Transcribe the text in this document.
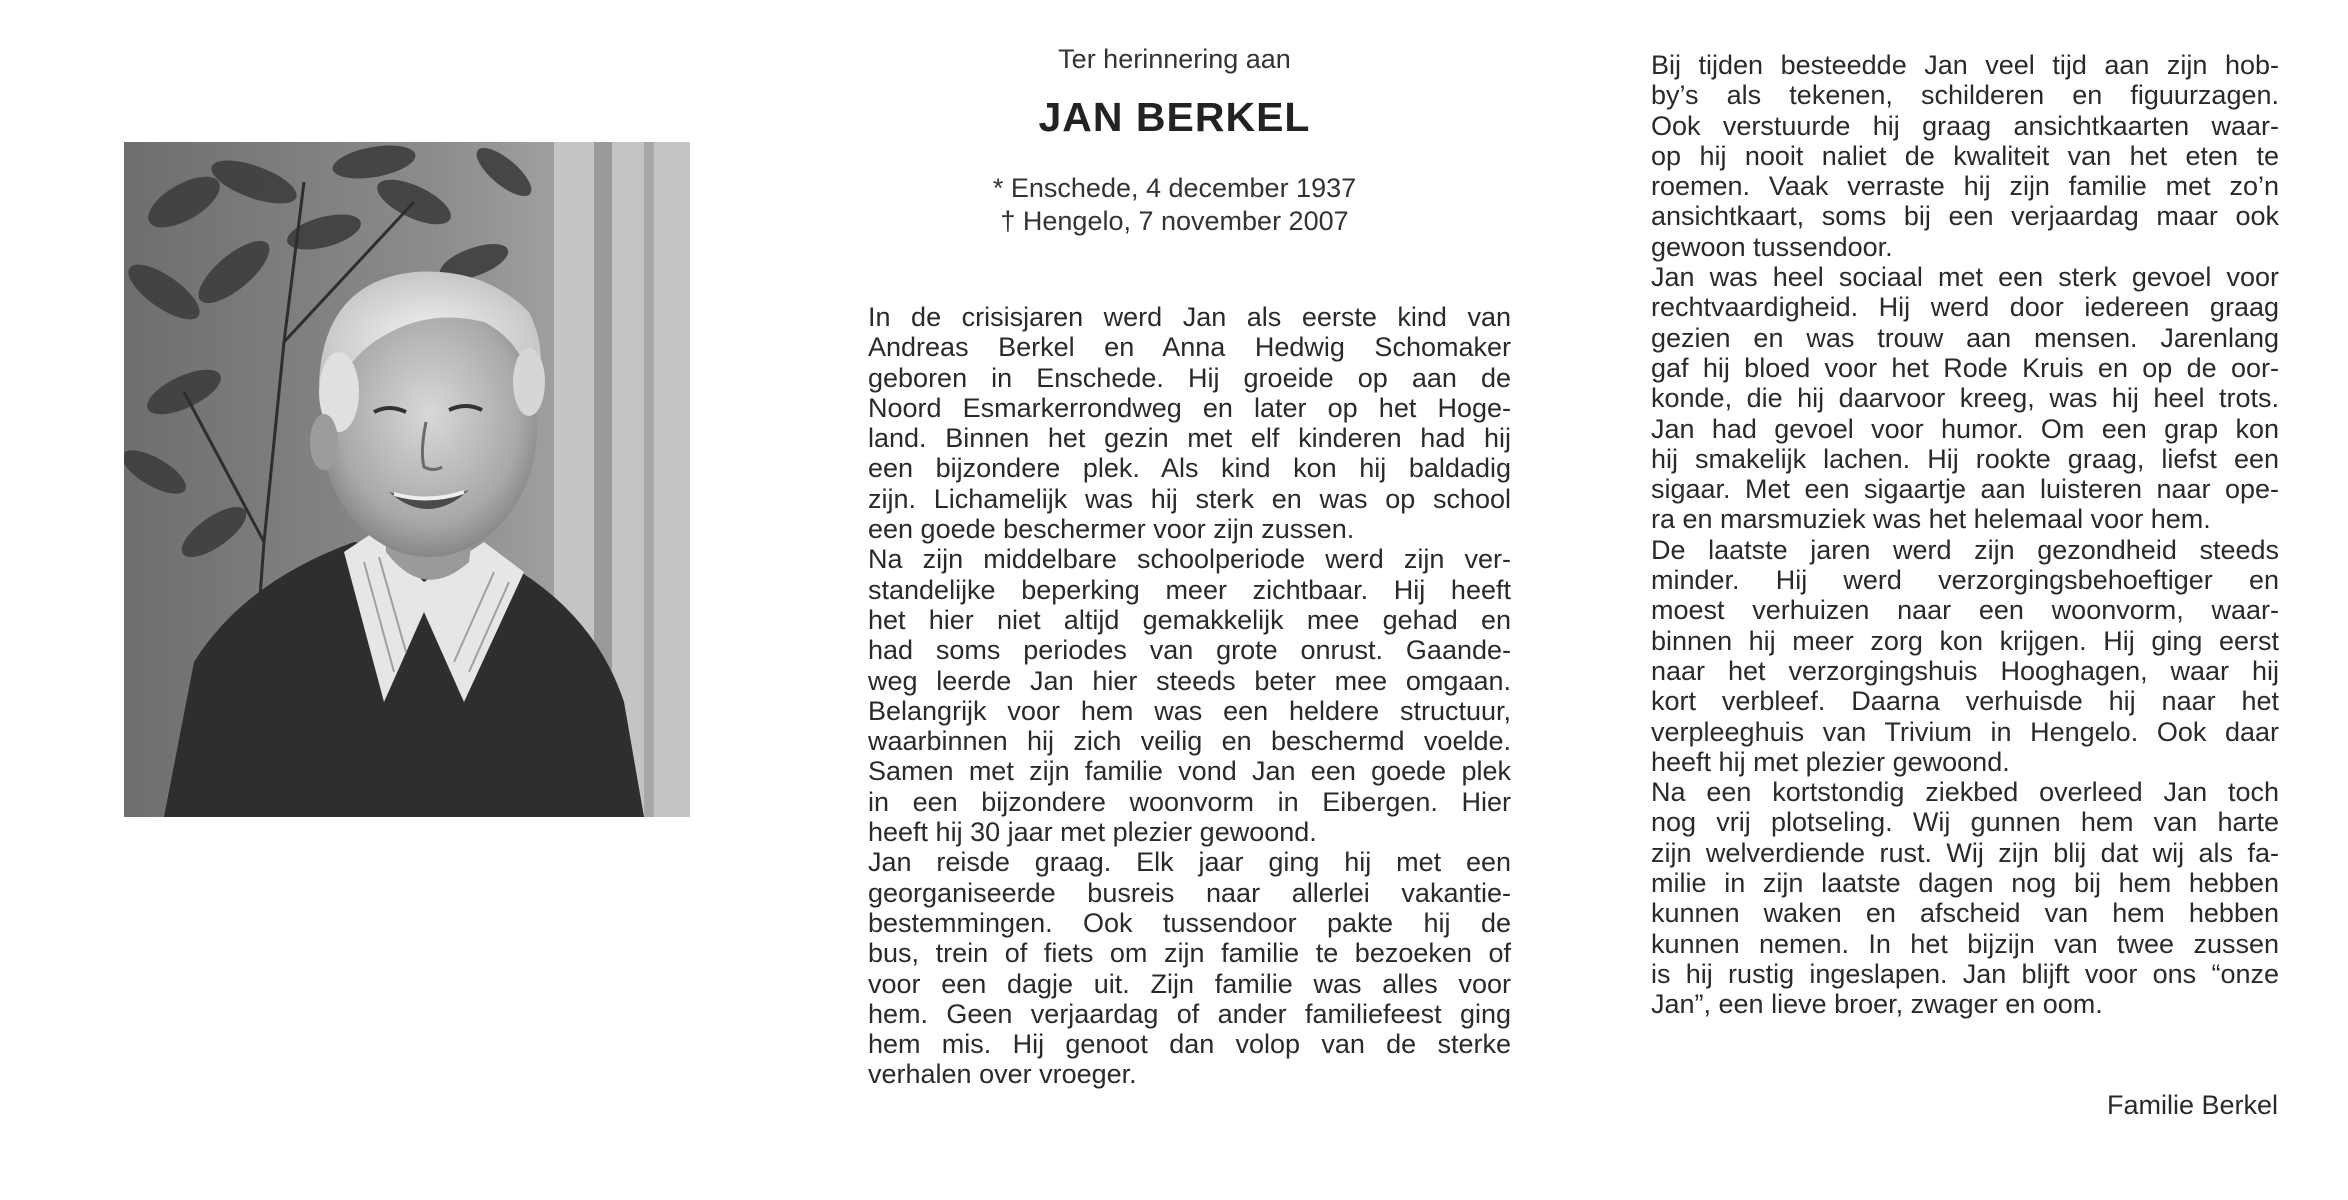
Ter herinnering aan
JAN BERKEL
* Enschede, 4 december 1937
† Hengelo, 7 november 2007
In de crisisjaren werd Jan als eerste kind van
Andreas Berkel en Anna Hedwig Schomaker
geboren in Enschede. Hij groeide op aan de
Noord Esmarkerrondweg en later op het Hoge-
land. Binnen het gezin met elf kinderen had hij
een bijzondere plek. Als kind kon hij baldadig
zijn. Lichamelijk was hij sterk en was op school
een goede beschermer voor zijn zussen.
Na zijn middelbare schoolperiode werd zijn ver-
standelijke beperking meer zichtbaar. Hij heeft
het hier niet altijd gemakkelijk mee gehad en
had soms periodes van grote onrust. Gaande-
weg leerde Jan hier steeds beter mee omgaan.
Belangrijk voor hem was een heldere structuur,
waarbinnen hij zich veilig en beschermd voelde.
Samen met zijn familie vond Jan een goede plek
in een bijzondere woonvorm in Eibergen. Hier
heeft hij 30 jaar met plezier gewoond.
Jan reisde graag. Elk jaar ging hij met een
georganiseerde busreis naar allerlei vakantie-
bestemmingen. Ook tussendoor pakte hij de
bus, trein of fiets om zijn familie te bezoeken of
voor een dagje uit. Zijn familie was alles voor
hem. Geen verjaardag of ander familiefeest ging
hem mis. Hij genoot dan volop van de sterke
verhalen over vroeger.
Bij tijden besteedde Jan veel tijd aan zijn hob-
by’s als tekenen, schilderen en figuurzagen.
Ook verstuurde hij graag ansichtkaarten waar-
op hij nooit naliet de kwaliteit van het eten te
roemen. Vaak verraste hij zijn familie met zo’n
ansichtkaart, soms bij een verjaardag maar ook
gewoon tussendoor.
Jan was heel sociaal met een sterk gevoel voor
rechtvaardigheid. Hij werd door iedereen graag
gezien en was trouw aan mensen. Jarenlang
gaf hij bloed voor het Rode Kruis en op de oor-
konde, die hij daarvoor kreeg, was hij heel trots.
Jan had gevoel voor humor. Om een grap kon
hij smakelijk lachen. Hij rookte graag, liefst een
sigaar. Met een sigaartje aan luisteren naar ope-
ra en marsmuziek was het helemaal voor hem.
De laatste jaren werd zijn gezondheid steeds
minder. Hij werd verzorgingsbehoeftiger en
moest verhuizen naar een woonvorm, waar-
binnen hij meer zorg kon krijgen. Hij ging eerst
naar het verzorgingshuis Hooghagen, waar hij
kort verbleef. Daarna verhuisde hij naar het
verpleeghuis van Trivium in Hengelo. Ook daar
heeft hij met plezier gewoond.
Na een kortstondig ziekbed overleed Jan toch
nog vrij plotseling. Wij gunnen hem van harte
zijn welverdiende rust. Wij zijn blij dat wij als fa-
milie in zijn laatste dagen nog bij hem hebben
kunnen waken en afscheid van hem hebben
kunnen nemen. In het bijzijn van twee zussen
is hij rustig ingeslapen. Jan blijft voor ons “onze
Jan”, een lieve broer, zwager en oom.
Familie Berkel
